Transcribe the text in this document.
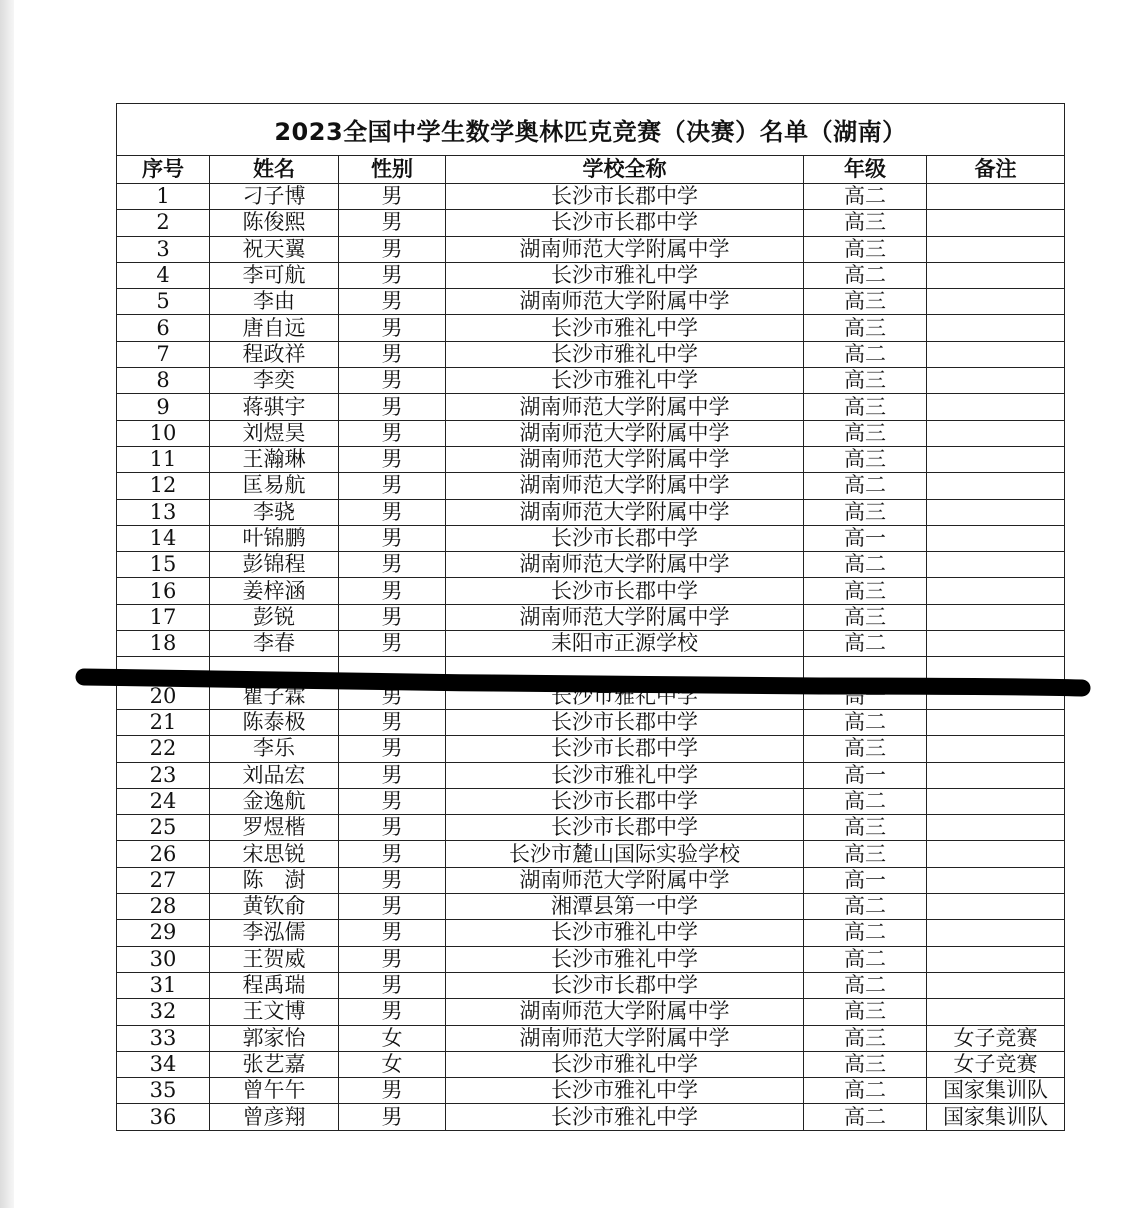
2023全国中学生数学奥林匹克竞赛（决赛）名单（湖南）					
序号	姓名	性别	学校全称	年级	备注
1	刁子博	男	长沙市长郡中学	高二	
2	陈俊熙	男	长沙市长郡中学	高三	
3	祝天翼	男	湖南师范大学附属中学	高三	
4	李可航	男	长沙市雅礼中学	高二	
5	李由	男	湖南师范大学附属中学	高三	
6	唐自远	男	长沙市雅礼中学	高三	
7	程政祥	男	长沙市雅礼中学	高二	
8	李奕	男	长沙市雅礼中学	高三	
9	蒋骐宇	男	湖南师范大学附属中学	高三	
10	刘煜昊	男	湖南师范大学附属中学	高三	
11	王瀚琳	男	湖南师范大学附属中学	高三	
12	匡易航	男	湖南师范大学附属中学	高二	
13	李骁	男	湖南师范大学附属中学	高三	
14	叶锦鹏	男	长沙市长郡中学	高一	
15	彭锦程	男	湖南师范大学附属中学	高二	
16	姜梓涵	男	长沙市长郡中学	高三	
17	彭锐	男	湖南师范大学附属中学	高三	
18	李春	男	耒阳市正源学校	高二	

20	瞿子霖	男	长沙市雅礼中学	高一	
21	陈泰极	男	长沙市长郡中学	高二	
22	李乐	男	长沙市长郡中学	高三	
23	刘品宏	男	长沙市雅礼中学	高一	
24	金逸航	男	长沙市长郡中学	高二	
25	罗煜楷	男	长沙市长郡中学	高三	
26	宋思锐	男	长沙市麓山国际实验学校	高三	
27	陈　澍	男	湖南师范大学附属中学	高一	
28	黄钦俞	男	湘潭县第一中学	高二	
29	李泓儒	男	长沙市雅礼中学	高二	
30	王贺威	男	长沙市雅礼中学	高二	
31	程禹瑞	男	长沙市长郡中学	高二	
32	王文博	男	湖南师范大学附属中学	高三	
33	郭家怡	女	湖南师范大学附属中学	高三	女子竞赛
34	张艺嘉	女	长沙市雅礼中学	高三	女子竞赛
35	曾午午	男	长沙市雅礼中学	高二	国家集训队
36	曾彦翔	男	长沙市雅礼中学	高二	国家集训队
